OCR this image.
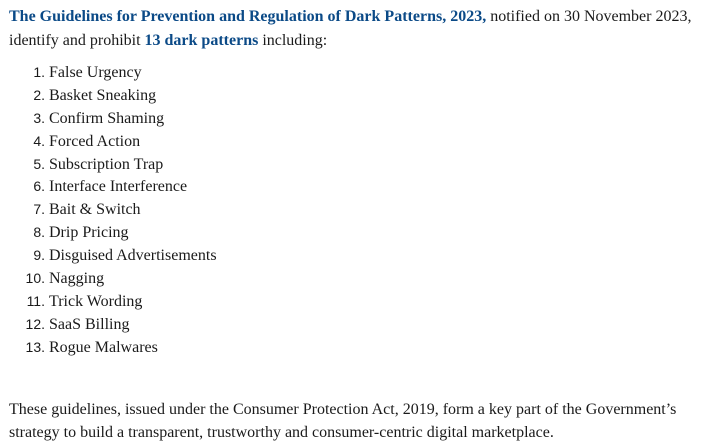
The Guidelines for Prevention and Regulation of Dark Patterns, 2023, notified on 30 November 2023, identify and prohibit 13 dark patterns including:

1. False Urgency
2. Basket Sneaking
3. Confirm Shaming
4. Forced Action
5. Subscription Trap
6. Interface Interference
7. Bait & Switch
8. Drip Pricing
9. Disguised Advertisements
10. Nagging
11. Trick Wording
12. SaaS Billing
13. Rogue Malwares

These guidelines, issued under the Consumer Protection Act, 2019, form a key part of the Government’s strategy to build a transparent, trustworthy and consumer-centric digital marketplace.
